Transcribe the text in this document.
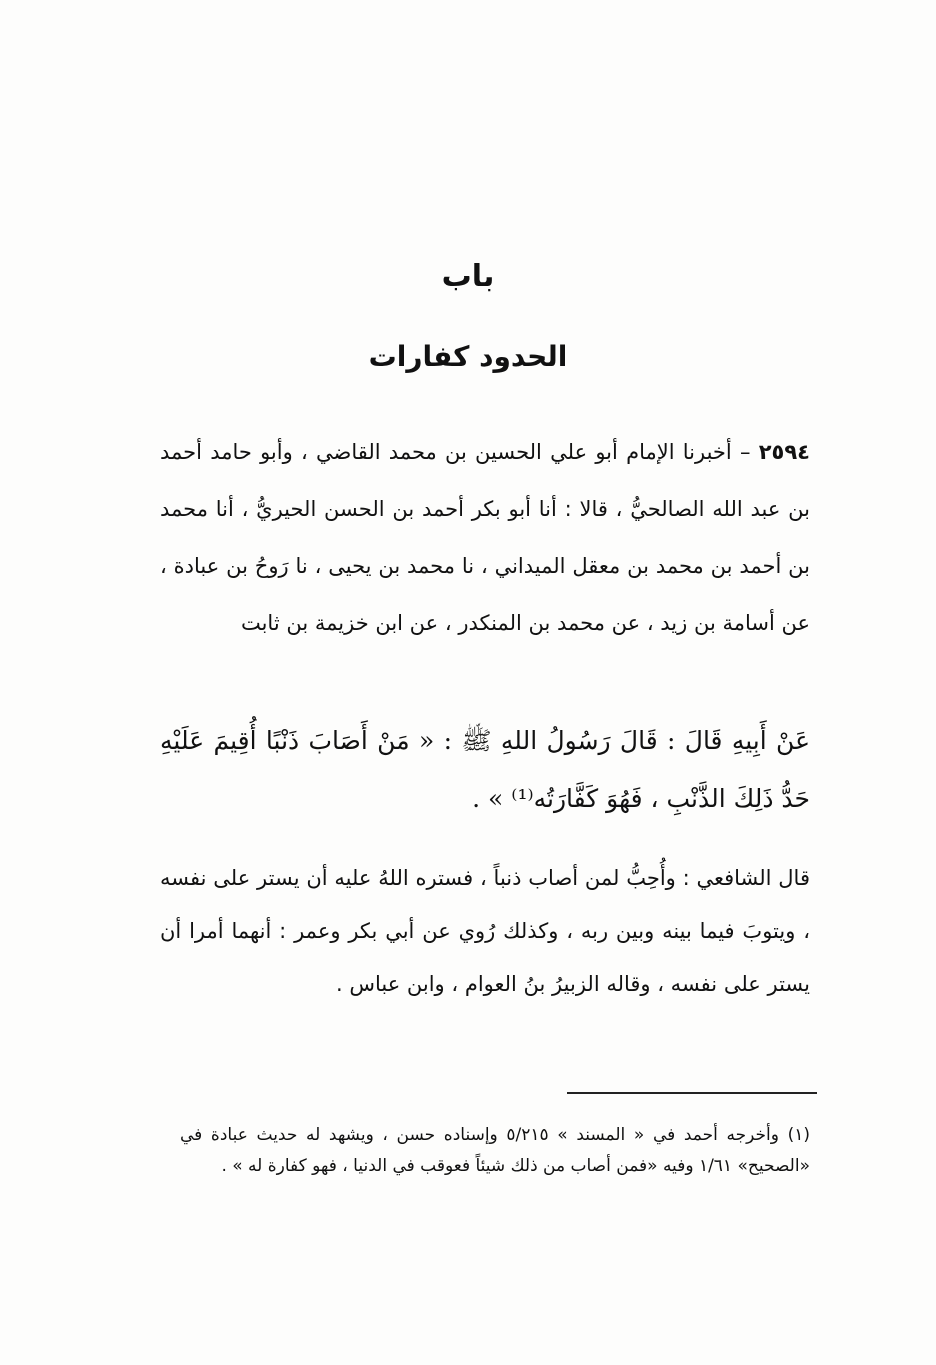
باب
الحدود كفارات
٢٥٩٤ – أخبرنا الإمام أبو علي الحسين بن محمد القاضي ، وأبو حامد أحمد بن عبد الله الصالحيُّ ، قالا : أنا أبو بكر أحمد بن الحسن الحيريُّ ، أنا محمد بن أحمد بن محمد بن معقل الميداني ، نا محمد بن يحيى ، نا رَوحُ بن عبادة ، عن أسامة بن زيد ، عن محمد بن المنكدر ، عن ابن خزيمة بن ثابت
عَنْ أَبِيهِ قَالَ : قَالَ رَسُولُ اللهِ ﷺ : « مَنْ أَصَابَ ذَنْبًا أُقِيمَ عَلَيْهِ حَدُّ ذَلِكَ الذَّنْبِ ، فَهُوَ كَفَّارَتُه⁽¹⁾ » .
قال الشافعي : وأُحِبُّ لمن أصاب ذنباً ، فستره اللهُ عليه أن يستر على نفسه ، ويتوبَ فيما بينه وبين ربه ، وكذلك رُوي عن أبي بكر وعمر : أنهما أمرا أن يستر على نفسه ، وقاله الزبيرُ بنُ العوام ، وابن عباس .
(١) وأخرجه أحمد في « المسند » ٥/٢١٥ وإسناده حسن ، ويشهد له حديث عبادة في «الصحيح» ١/٦١ وفيه «فمن أصاب من ذلك شيئاً فعوقب في الدنيا ، فهو كفارة له » .
